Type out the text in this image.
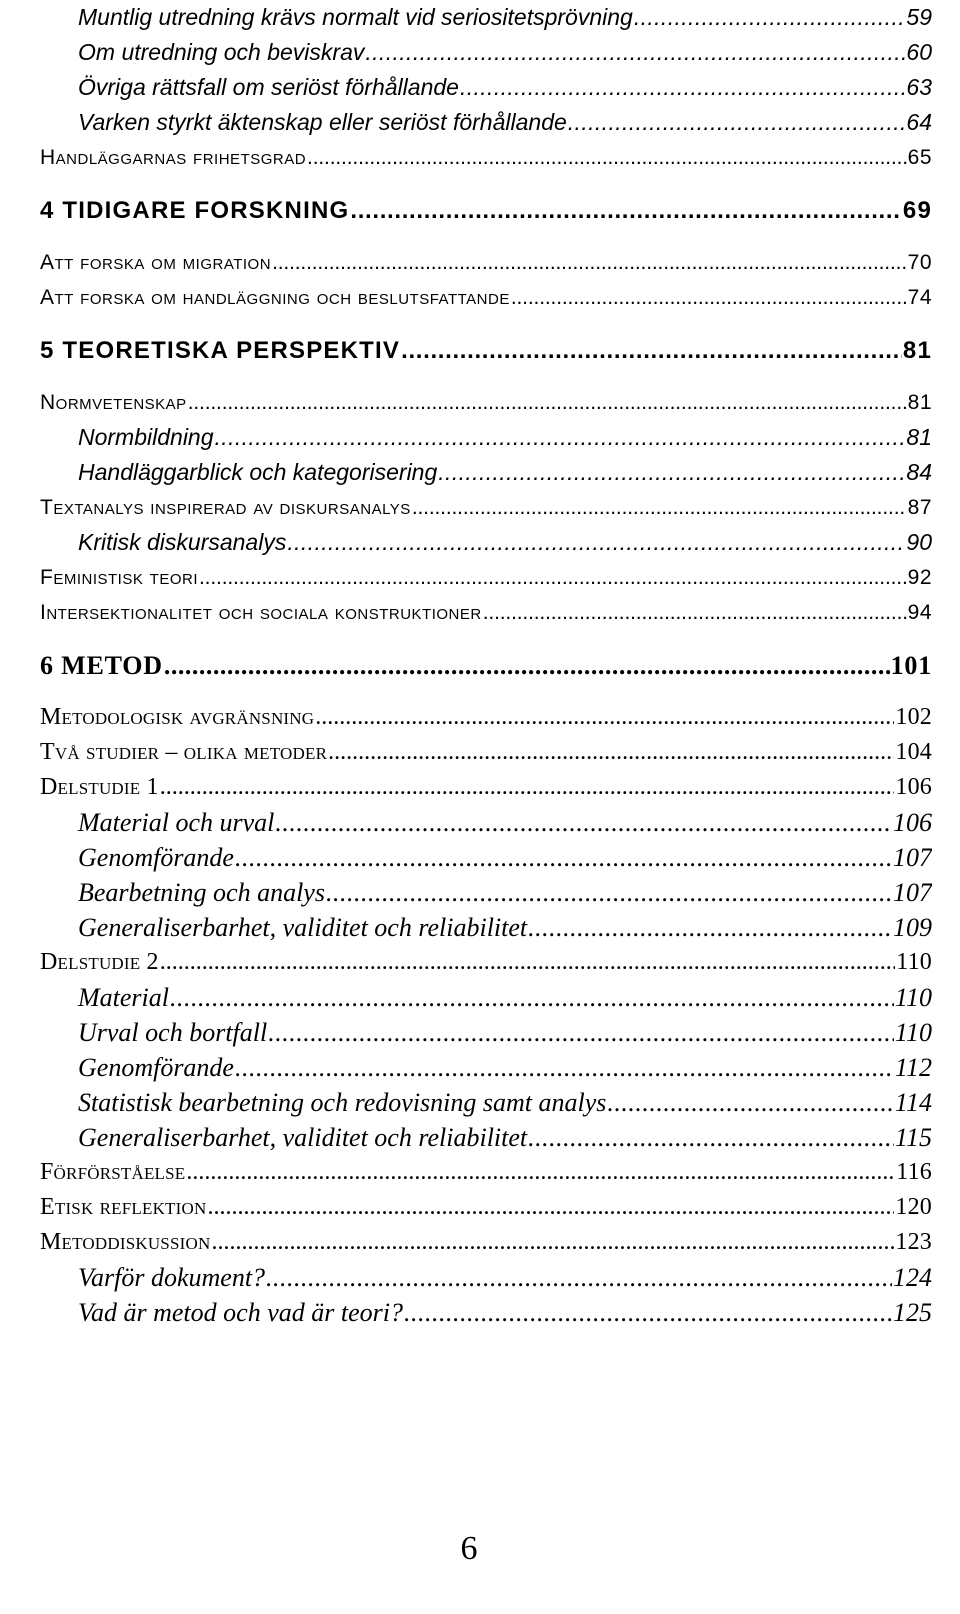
Muntlig utredning krävs normalt vid seriositetsprövning . . .	59
Om utredning och beviskrav . . .	60
Övriga rättsfall om seriöst förhållande . . .	63
Varken styrkt äktenskap eller seriöst förhållande . . .	64
Handläggarnas frihetsgrad . . .	65
4 TIDIGARE FORSKNING . . .	69
Att forska om migration . . .	70
Att forska om handläggning och beslutsfattande . . .	74
5 TEORETISKA PERSPEKTIV . . .	81
Normvetenskap . . .	81
Normbildning . . .	81
Handläggarblick och kategorisering . . .	84
Textanalys inspirerad av diskursanalys . . .	87
Kritisk diskursanalys . . .	90
Feministisk teori . . .	92
Intersektionalitet och sociala konstruktioner . . .	94
6 METOD . . .	101
Metodologisk avgränsning . . .	102
Två studier – olika metoder . . .	104
Delstudie 1 . . .	106
Material och urval . . .	106
Genomförande . . .	107
Bearbetning och analys . . .	107
Generaliserbarhet, validitet och reliabilitet . . .	109
Delstudie 2 . . .	110
Material . . .	110
Urval och bortfall . . .	110
Genomförande . . .	112
Statistisk bearbetning och redovisning samt analys . . .	114
Generaliserbarhet, validitet och reliabilitet . . .	115
Förförståelse . . .	116
Etisk reflektion . . .	120
Metoddiskussion . . .	123
Varför dokument? . . .	124
Vad är metod och vad är teori? . . .	125
6
